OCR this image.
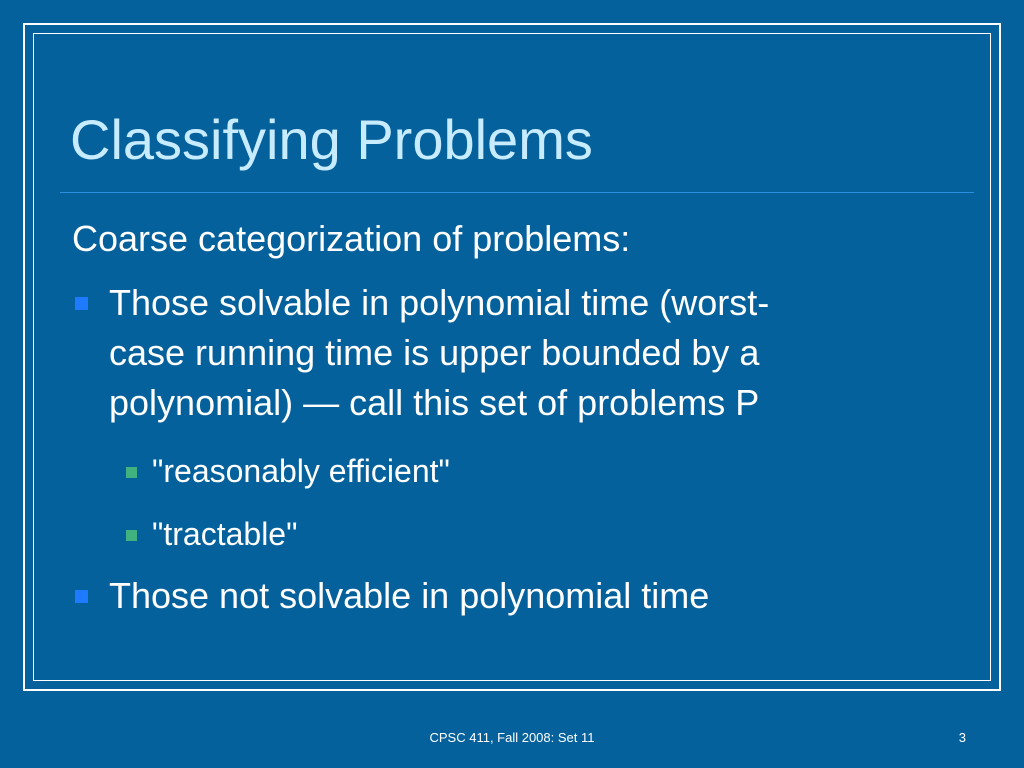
Classifying Problems
Coarse categorization of problems:
Those solvable in polynomial time (worst-
case running time is upper bounded by a
polynomial) — call this set of problems P
"reasonably efficient"
"tractable"
Those not solvable in polynomial time
CPSC 411, Fall 2008: Set 11	3
